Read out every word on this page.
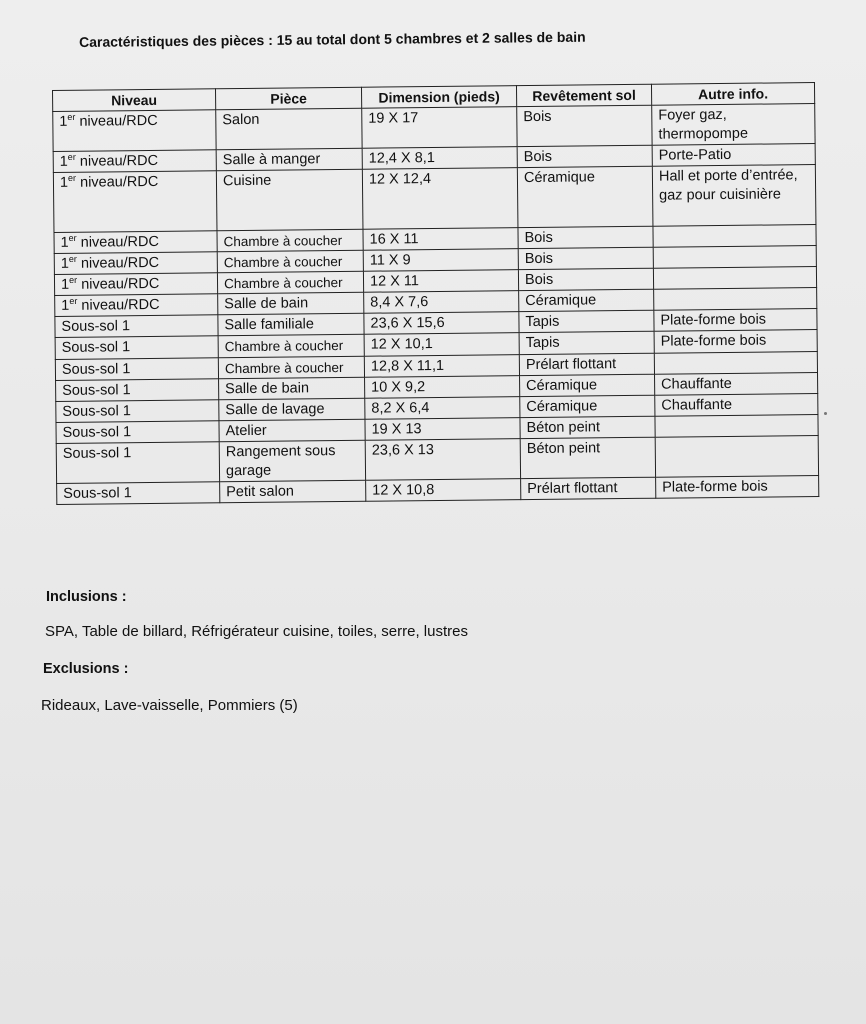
Caractéristiques des pièces : 15 au total dont 5 chambres et 2 salles de bain
Niveau	Pièce	Dimension (pieds)	Revêtement sol	Autre info.
1er niveau/RDC	Salon	19 X 17	Bois	Foyer gaz, thermopompe
1er niveau/RDC	Salle à manger	12,4 X 8,1	Bois	Porte-Patio
1er niveau/RDC	Cuisine	12 X 12,4	Céramique	Hall et porte d’entrée, gaz pour cuisinière
1er niveau/RDC	Chambre à coucher	16 X 11	Bois	
1er niveau/RDC	Chambre à coucher	11 X 9	Bois	
1er niveau/RDC	Chambre à coucher	12 X 11	Bois	
1er niveau/RDC	Salle de bain	8,4 X 7,6	Céramique	
Sous-sol 1	Salle familiale	23,6 X 15,6	Tapis	Plate-forme bois
Sous-sol 1	Chambre à coucher	12 X 10,1	Tapis	Plate-forme bois
Sous-sol 1	Chambre à coucher	12,8 X 11,1	Prélart flottant	
Sous-sol 1	Salle de bain	10 X 9,2	Céramique	Chauffante
Sous-sol 1	Salle de lavage	8,2 X 6,4	Céramique	Chauffante
Sous-sol 1	Atelier	19 X 13	Béton peint	
Sous-sol 1	Rangement sous garage	23,6 X 13	Béton peint	
Sous-sol 1	Petit salon	12 X 10,8	Prélart flottant	Plate-forme bois
Inclusions :
SPA, Table de billard, Réfrigérateur cuisine, toiles, serre, lustres
Exclusions :
Rideaux, Lave-vaisselle, Pommiers (5)
